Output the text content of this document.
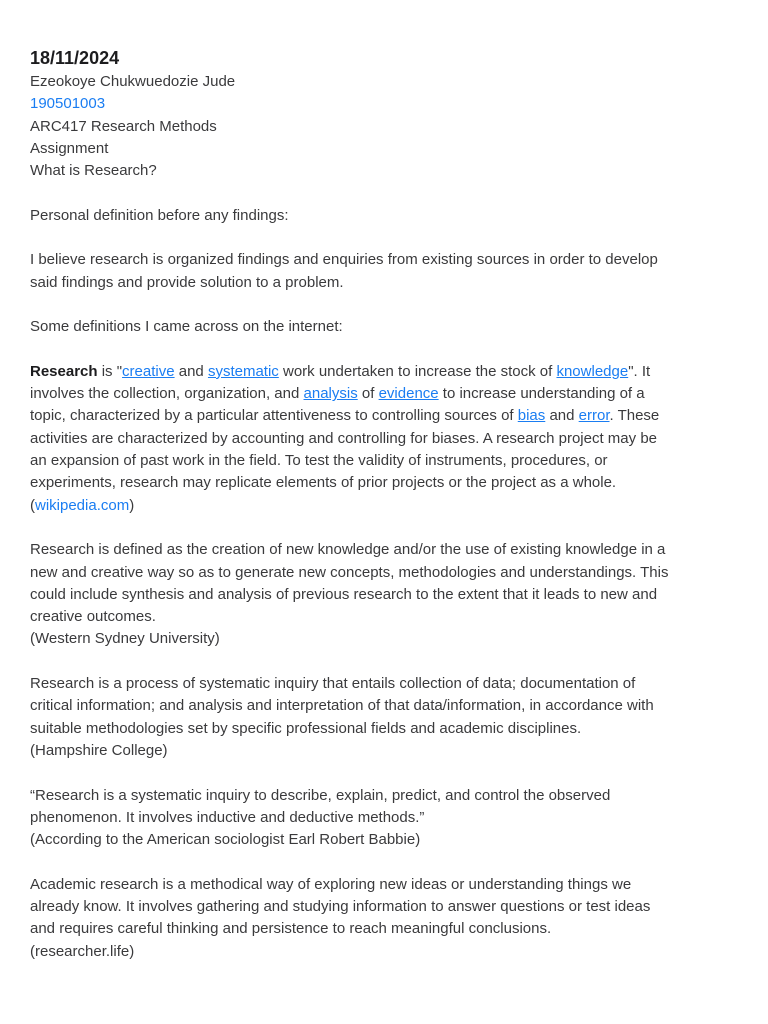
18/11/2024
Ezeokoye Chukwuedozie Jude
190501003
ARC417 Research Methods
Assignment
What is Research?
Personal definition before any findings:
I believe research is organized findings and enquiries from existing sources in order to develop
said findings and provide solution to a problem.
Some definitions I came across on the internet:
Research is "creative and systematic work undertaken to increase the stock of knowledge". It
involves the collection, organization, and analysis of evidence to increase understanding of a
topic, characterized by a particular attentiveness to controlling sources of bias and error. These
activities are characterized by accounting and controlling for biases. A research project may be
an expansion of past work in the field. To test the validity of instruments, procedures, or
experiments, research may replicate elements of prior projects or the project as a whole.
(wikipedia.com)
Research is defined as the creation of new knowledge and/or the use of existing knowledge in a
new and creative way so as to generate new concepts, methodologies and understandings. This
could include synthesis and analysis of previous research to the extent that it leads to new and
creative outcomes.
(Western Sydney University)
Research is a process of systematic inquiry that entails collection of data; documentation of
critical information; and analysis and interpretation of that data/information, in accordance with
suitable methodologies set by specific professional fields and academic disciplines.
(Hampshire College)
“Research is a systematic inquiry to describe, explain, predict, and control the observed
phenomenon. It involves inductive and deductive methods.”
(According to the American sociologist Earl Robert Babbie)
Academic research is a methodical way of exploring new ideas or understanding things we
already know. It involves gathering and studying information to answer questions or test ideas
and requires careful thinking and persistence to reach meaningful conclusions.
(researcher.life)
